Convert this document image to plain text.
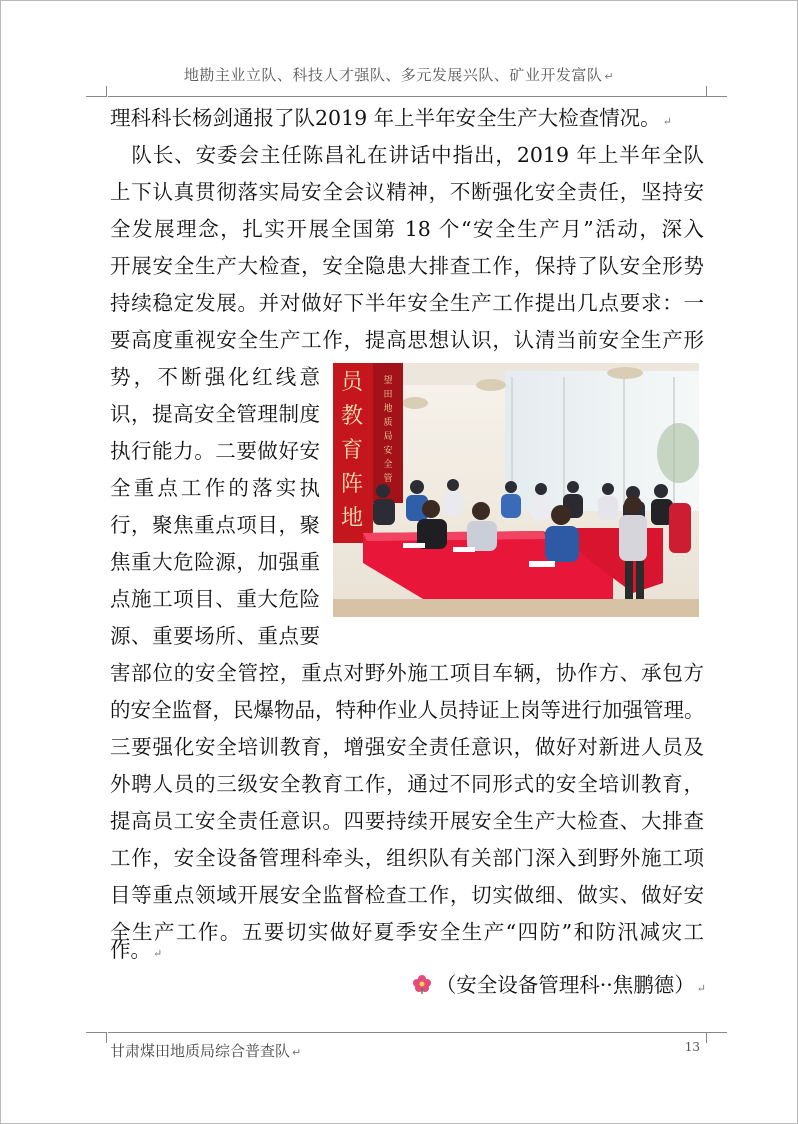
地勘主业立队、科技人才强队、多元发展兴队、矿业开发富队 ↵
理科科长杨剑通报了队2019 年上半年安全生产大检查情况。 ↵
　队长、安委会主任陈昌礼在讲话中指出，2019 年上半年全队
上下认真贯彻落实局安全会议精神，不断强化安全责任，坚持安
全发展理念，扎实开展全国第 18 个“安全生产月”活动，深入
开展安全生产大检查，安全隐患大排查工作，保持了队安全形势
持续稳定发展。并对做好下半年安全生产工作提出几点要求：一
要高度重视安全生产工作，提高思想认识，认清当前安全生产形
势，不断强化红线意
识，提高安全管理制度
执行能力。二要做好安
全重点工作的落实执
行，聚焦重点项目，聚
焦重大危险源，加强重
点施工项目、重大危险
源、重要场所、重点要
员教育阵地
望田地质局安全管
害部位的安全管控，重点对野外施工项目车辆，协作方、承包方
的安全监督，民爆物品，特种作业人员持证上岗等进行加强管理。
三要强化安全培训教育，增强安全责任意识，做好对新进人员及
外聘人员的三级安全教育工作，通过不同形式的安全培训教育，
提高员工安全责任意识。四要持续开展安全生产大检查、大排查
工作，安全设备管理科牵头，组织队有关部门深入到野外施工项
目等重点领域开展安全监督检查工作，切实做细、做实、做好安
全生产工作。五要切实做好夏季安全生产“四防”和防汛减灾工
作。 ↵
（安全设备管理科··焦鹏德） ↵
甘肃煤田地质局综合普查队 ↵	13
